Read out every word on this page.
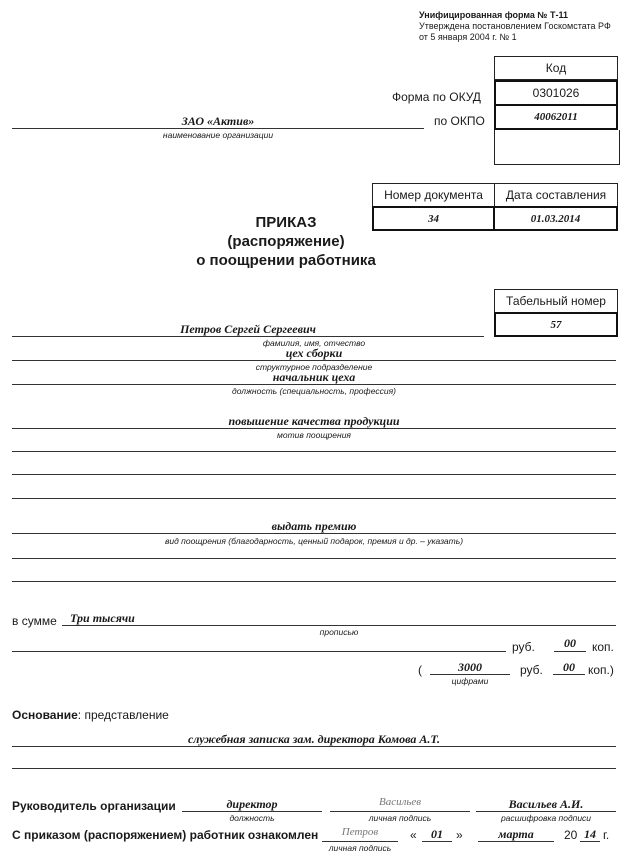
Унифицированная форма № Т-11
Утверждена постановлением Госкомстата РФ
от 5 января 2004 г. № 1
Код
Форма по ОКУД	0301026
по ОКПО	40062011
ЗАО «Актив»
наименование организации
Номер документа	Дата составления
34	01.03.2014
ПРИКАЗ
(распоряжение)
о поощрении работника
Табельный номер
57
Петров Сергей Сергеевич
фамилия, имя, отчество
цех сборки
структурное подразделение
начальник цеха
должность (специальность, профессия)
повышение качества продукции
мотив поощрения
выдать премию
вид поощрения (благодарность, ценный подарок, премия и др. – указать)
в сумме Три тысячи
прописью
руб.	00	коп.
(	3000
цифрами
руб.	00	коп.)
Основание: представление
служебная записка зам. директора Комова А.Т.
Руководитель организации	директор
должность
Васильев
личная подпись
Васильев А.И.
расшифровка подписи
С приказом (распоряжением) работник ознакомлен	Петров
личная подпись
«	01	»	марта	20 14 г.
